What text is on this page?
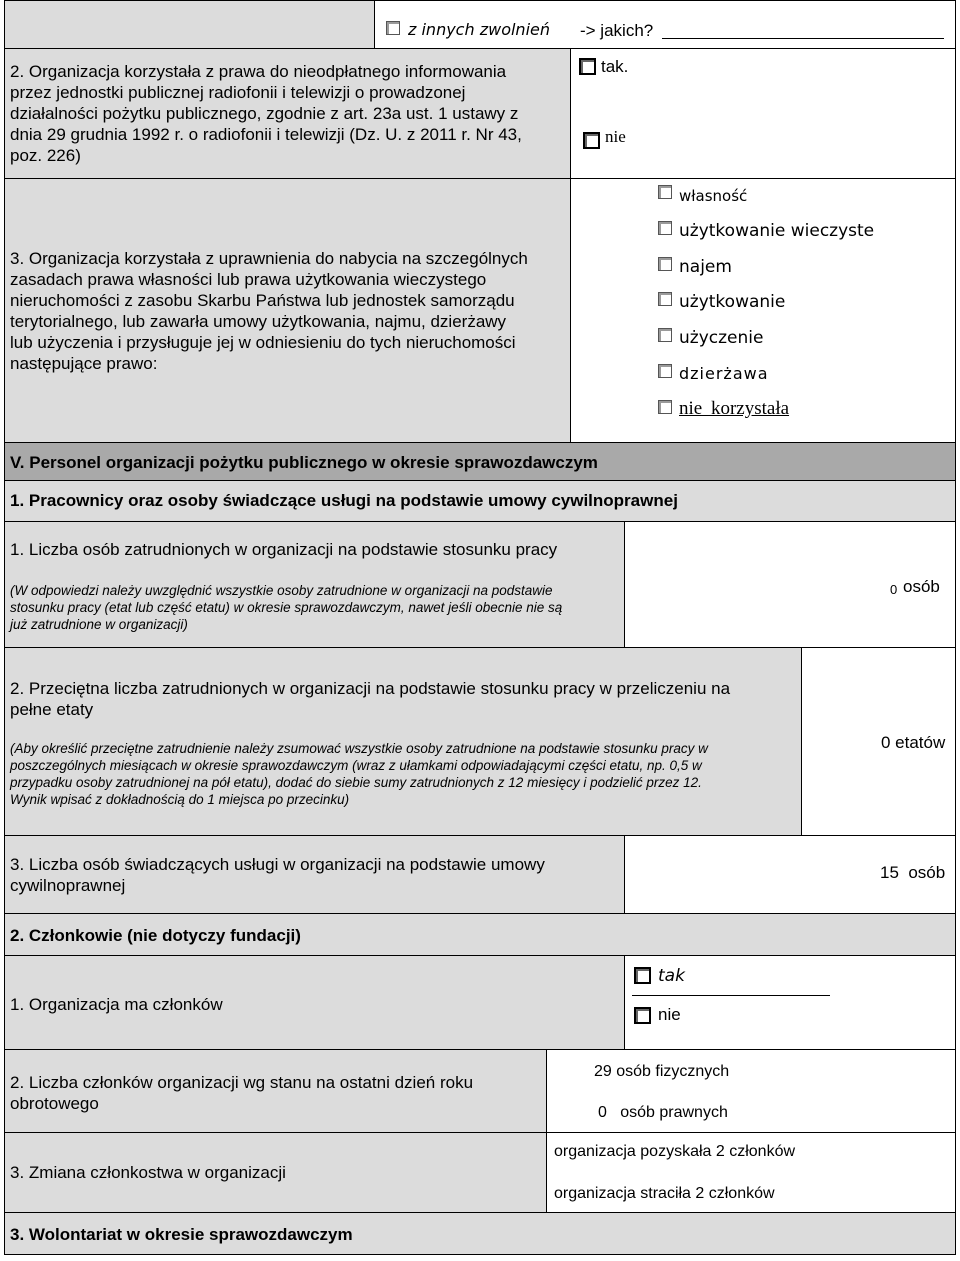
z innych zwolnień -> jakich?
2. Organizacja korzystała z prawa do nieodpłatnego informowania
przez jednostki publicznej radiofonii i telewizji o prowadzonej
działalności pożytku publicznego, zgodnie z art. 23a ust. 1 ustawy z
dnia 29 grudnia 1992 r. o radiofonii i telewizji (Dz. U. z 2011 r. Nr 43,
poz. 226)
tak.
nie
3. Organizacja korzystała z uprawnienia do nabycia na szczególnych
zasadach prawa własności lub prawa użytkowania wieczystego
nieruchomości z zasobu Skarbu Państwa lub jednostek samorządu
terytorialnego, lub zawarła umowy użytkowania, najmu, dzierżawy
lub użyczenia i przysługuje jej w odniesieniu do tych nieruchomości
następujące prawo:
własność
użytkowanie wieczyste
najem
użytkowanie
użyczenie
dzierżawa
nie korzystała
V. Personel organizacji pożytku publicznego w okresie sprawozdawczym
1. Pracownicy oraz osoby świadczące usługi na podstawie umowy cywilnoprawnej
1. Liczba osób zatrudnionych w organizacji na podstawie stosunku pracy
(W odpowiedzi należy uwzględnić wszystkie osoby zatrudnione w organizacji na podstawie
stosunku pracy (etat lub część etatu) w okresie sprawozdawczym, nawet jeśli obecnie nie są
już zatrudnione w organizacji)
0 osób
2. Przeciętna liczba zatrudnionych w organizacji na podstawie stosunku pracy w przeliczeniu na
pełne etaty
(Aby określić przeciętne zatrudnienie należy zsumować wszystkie osoby zatrudnione na podstawie stosunku pracy w
poszczególnych miesiącach w okresie sprawozdawczym (wraz z ułamkami odpowiadającymi części etatu, np. 0,5 w
przypadku osoby zatrudnionej na pół etatu), dodać do siebie sumy zatrudnionych z 12 miesięcy i podzielić przez 12.
Wynik wpisać z dokładnością do 1 miejsca po przecinku)
0 etatów
3. Liczba osób świadczących usługi w organizacji na podstawie umowy
cywilnoprawnej
15  osób
2. Członkowie (nie dotyczy fundacji)
1. Organizacja ma członków
tak
nie
2. Liczba członków organizacji wg stanu na ostatni dzień roku
obrotowego
29 osób fizycznych
0   osób prawnych
3. Zmiana członkostwa w organizacji
organizacja pozyskała 2 członków
organizacja straciła 2 członków
3. Wolontariat w okresie sprawozdawczym
